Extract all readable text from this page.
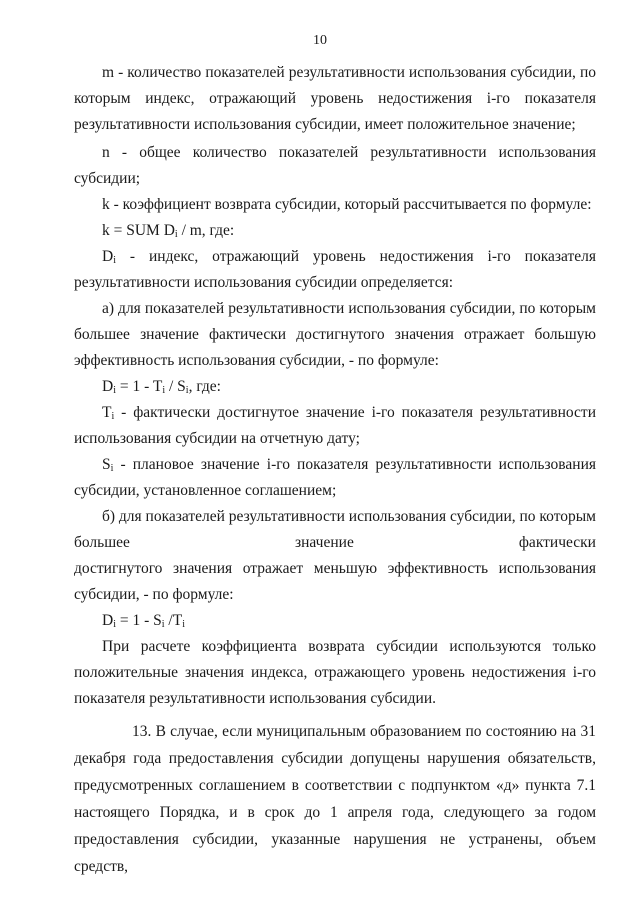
10

m - количество показателей результативности использования субсидии, по которым индекс, отражающий уровень недостижения i-го показателя результативности использования субсидии, имеет положительное значение;

n - общее количество показателей результативности использования субсидии;

k - коэффициент возврата субсидии, который рассчитывается по формуле:

k = SUM $D_i$ / m, где:

$D_i$ - индекс, отражающий уровень недостижения i-го показателя результативности использования субсидии определяется:

а) для показателей результативности использования субсидии, по которым большее значение фактически достигнутого значения отражает большую эффективность использования субсидии, - по формуле:

$D_i = 1 - T_i / S_i$, где:

$T_i$ - фактически достигнутое значение i-го показателя результативности использования субсидии на отчетную дату;

$S_i$ - плановое значение i-го показателя результативности использования субсидии, установленное соглашением;

б) для показателей результативности использования субсидии, по которым
большее	значение	фактически
достигнутого значения отражает меньшую эффективность использования
субсидии, - по формуле:

$D_i = 1 - S_i$ $/T_i$

При расчете коэффициента возврата субсидии используются только положительные значения индекса, отражающего уровень недостижения i-го показателя результативности использования субсидии.

13. В случае, если муниципальным образованием по состоянию на 31 декабря года предоставления субсидии допущены нарушения обязательств, предусмотренных соглашением в соответствии с подпунктом «д» пункта 7.1 настоящего Порядка, и в срок до 1 апреля года, следующего за годом предоставления субсидии, указанные нарушения не устранены, объем средств,
